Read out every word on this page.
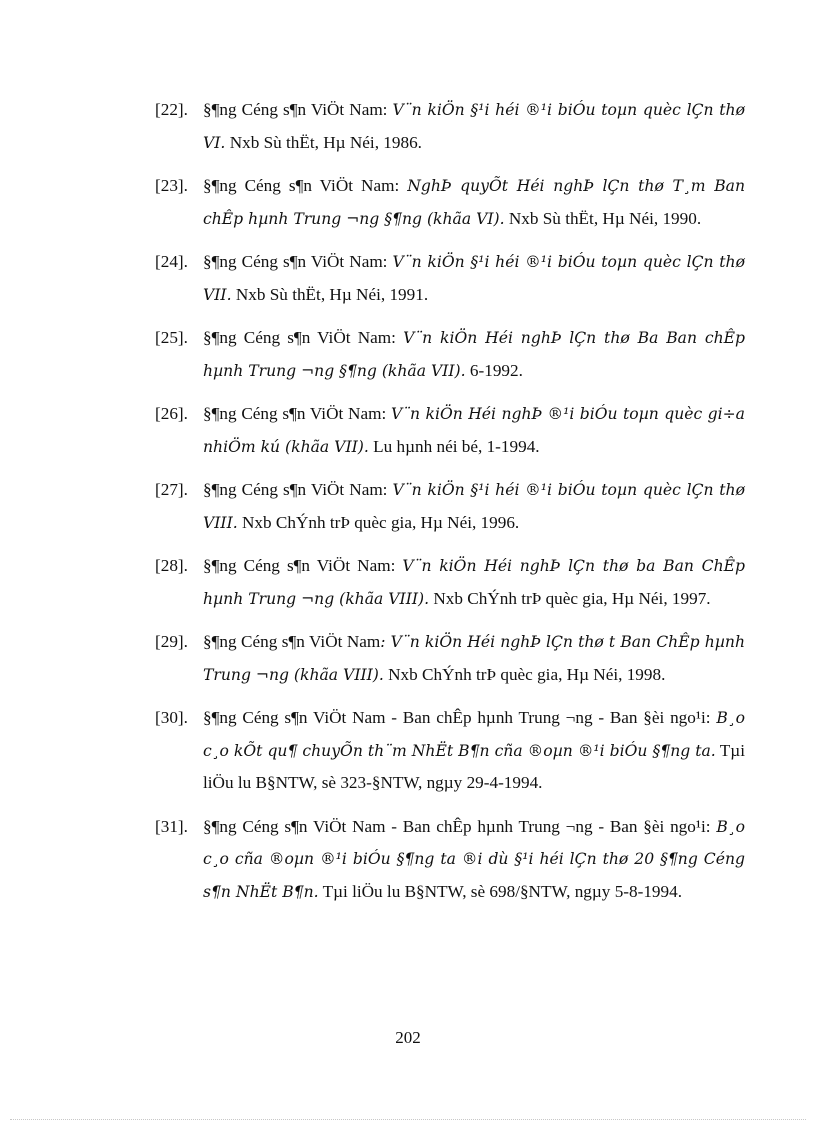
[22]. §¶ng Céng s¶n ViÖt Nam: V¨n kiÖn §¹i héi ®¹i biÓu toµn quèc lÇn thø VI. Nxb Sù thËt, Hµ Néi, 1986.
[23]. §¶ng Céng s¶n ViÖt Nam: NghÞ quyÕt Héi nghÞ lÇn thø T¸m Ban chÊp hµnh Trung ¬ng §¶ng (khãa VI). Nxb Sù thËt, Hµ Néi, 1990.
[24]. §¶ng Céng s¶n ViÖt Nam: V¨n kiÖn §¹i héi ®¹i biÓu toµn quèc lÇn thø VII. Nxb Sù thËt, Hµ Néi, 1991.
[25]. §¶ng Céng s¶n ViÖt Nam: V¨n kiÖn Héi nghÞ lÇn thø Ba Ban chÊp hµnh Trung ¬ng §¶ng (khãa VII). 6-1992.
[26]. §¶ng Céng s¶n ViÖt Nam: V¨n kiÖn Héi nghÞ ®¹i biÓu toµn quèc gi÷a nhiÖm kú (khãa VII). Lu hµnh néi bé, 1-1994.
[27]. §¶ng Céng s¶n ViÖt Nam: V¨n kiÖn §¹i héi ®¹i biÓu toµn quèc lÇn thø VIII. Nxb ChÝnh trÞ quèc gia, Hµ Néi, 1996.
[28]. §¶ng Céng s¶n ViÖt Nam: V¨n kiÖn Héi nghÞ lÇn thø ba Ban ChÊp hµnh Trung ¬ng (khãa VIII). Nxb ChÝnh trÞ quèc gia, Hµ Néi, 1997.
[29]. §¶ng Céng s¶n ViÖt Nam: V¨n kiÖn Héi nghÞ lÇn thø t Ban ChÊp hµnh Trung ¬ng (khãa VIII). Nxb ChÝnh trÞ quèc gia, Hµ Néi, 1998.
[30]. §¶ng Céng s¶n ViÖt Nam - Ban chÊp hµnh Trung ¬ng - Ban §èi ngo¹i: B¸o c¸o kÕt qu¶ chuyÕn th¨m NhËt B¶n cña ®oµn ®¹i biÓu §¶ng ta. Tµi liÖu lu B§NTW, sè 323-§NTW, ngµy 29-4-1994.
[31]. §¶ng Céng s¶n ViÖt Nam - Ban chÊp hµnh Trung ¬ng - Ban §èi ngo¹i: B¸o c¸o cña ®oµn ®¹i biÓu §¶ng ta ®i dù §¹i héi lÇn thø 20 §¶ng Céng s¶n NhËt B¶n. Tµi liÖu lu B§NTW, sè 698/§NTW, ngµy 5-8-1994.
202
